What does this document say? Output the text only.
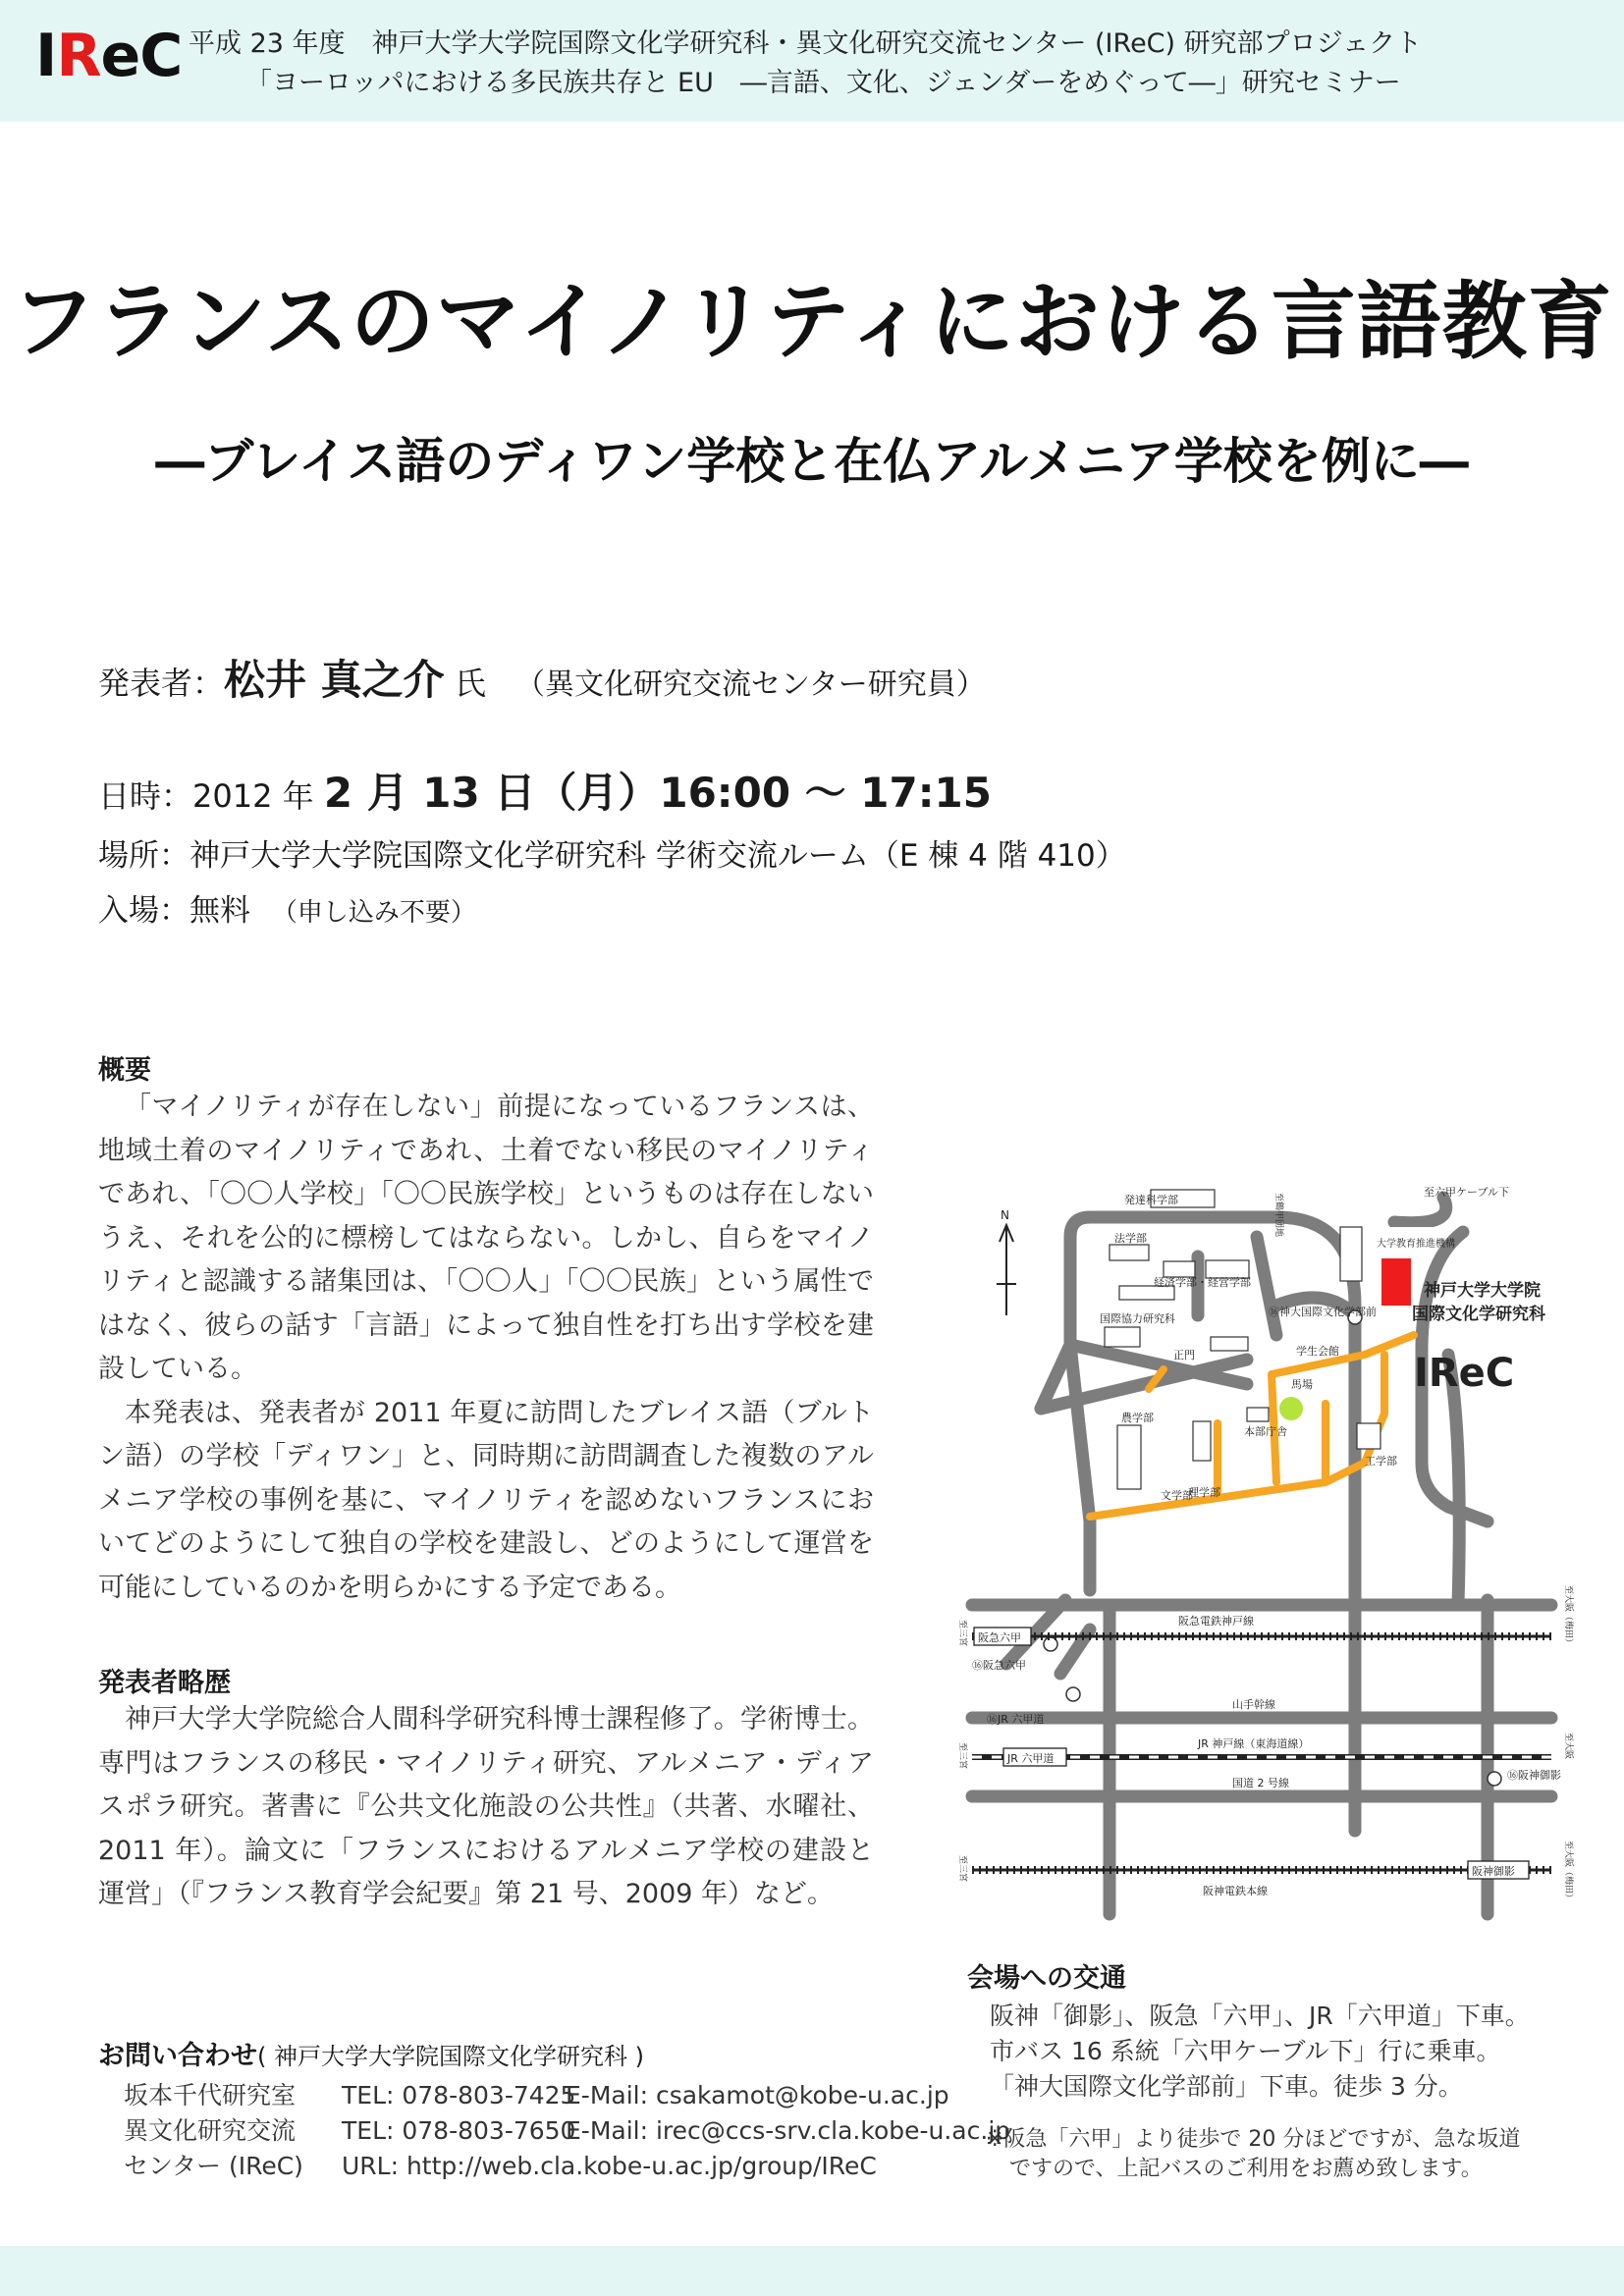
IReC 平成 23 年度　神戸大学大学院国際文化学研究科・異文化研究交流センター (IReC) 研究部プロジェクト
「ヨーロッパにおける多民族共存と EU　―言語、文化、ジェンダーをめぐって―」研究セミナー
フランスのマイノリティにおける言語教育
―ブレイス語のディワン学校と在仏アルメニア学校を例に―
発表者：松井 真之介 氏 （異文化研究交流センター研究員）
日時：2012 年 2 月 13 日（月）16:00 〜 17:15
場所：神戸大学大学院国際文化学研究科 学術交流ルーム（E 棟 4 階 410）
入場：無料 （申し込み不要）
概要

「マイノリティが存在しない」前提になっているフランスは、地域土着のマイノリティであれ、土着でない移民のマイノリティであれ、「〇〇人学校」「〇〇民族学校」というものは存在しないうえ、それを公的に標榜してはならない。しかし、自らをマイノリティと認識する諸集団は、「〇〇人」「〇〇民族」という属性ではなく、彼らの話す「言語」によって独自性を打ち出す学校を建設している。

本発表は、発表者が 2011 年夏に訪問したブレイス語（ブルトン語）の学校「ディワン」と、同時期に訪問調査した複数のアルメニア学校の事例を基に、マイノリティを認めないフランスにおいてどのようにして独自の学校を建設し、どのようにして運営を可能にしているのかを明らかにする予定である。

発表者略歴

神戸大学大学院総合人間科学研究科博士課程修了。学術博士。専門はフランスの移民・マイノリティ研究、アルメニア・ディアスポラ研究。著書に『公共文化施設の公共性』（共著、水曜社、2011 年）。論文に「フランスにおけるアルメニア学校の建設と運営」（『フランス教育学会紀要』第 21 号、2009 年）など。

お問い合わせ( 神戸大学大学院国際文化学研究科 )
坂本千代研究室 TEL: 078-803-7425E-Mail: csakamot@kobe-u.ac.jp
異文化研究交流 TEL: 078-803-7650E-Mail: irec@ccs-srv.cla.kobe-u.ac.jp
センター (IReC) URL: http://web.cla.kobe-u.ac.jp/group/IReC
会場への交通
阪神「御影」、阪急「六甲」、JR「六甲道」下車。
市バス 16 系統「六甲ケーブル下」行に乗車。
「神大国際文化学部前」下車。徒歩 3 分。
※阪急「六甲」より徒歩で 20 分ほどですが、急な坂道
ですので、上記バスのご利用をお薦め致します。
N
発達科学部
至六甲ケーブル下
至鶴甲団地
法学部
経済学部・経営学部
国際協力研究科
正門
⑯神大国際文化学部前
大学教育推進機構
学生会館
馬場
本部庁舎
農学部
文学部
理学部
工学部
神戸大学大学院
国際文化学研究科
IReC
阪急電鉄神戸線
阪急六甲
⑯阪急六甲
山手幹線
⑯JR 六甲道
JR 六甲道
JR 神戸線（東海道線）
国道 2 号線
⑯阪神御影
阪神御影
阪神電鉄本線
至三宮
至三宮
至三宮
至大阪（梅田）
至大阪
至大阪（梅田）
